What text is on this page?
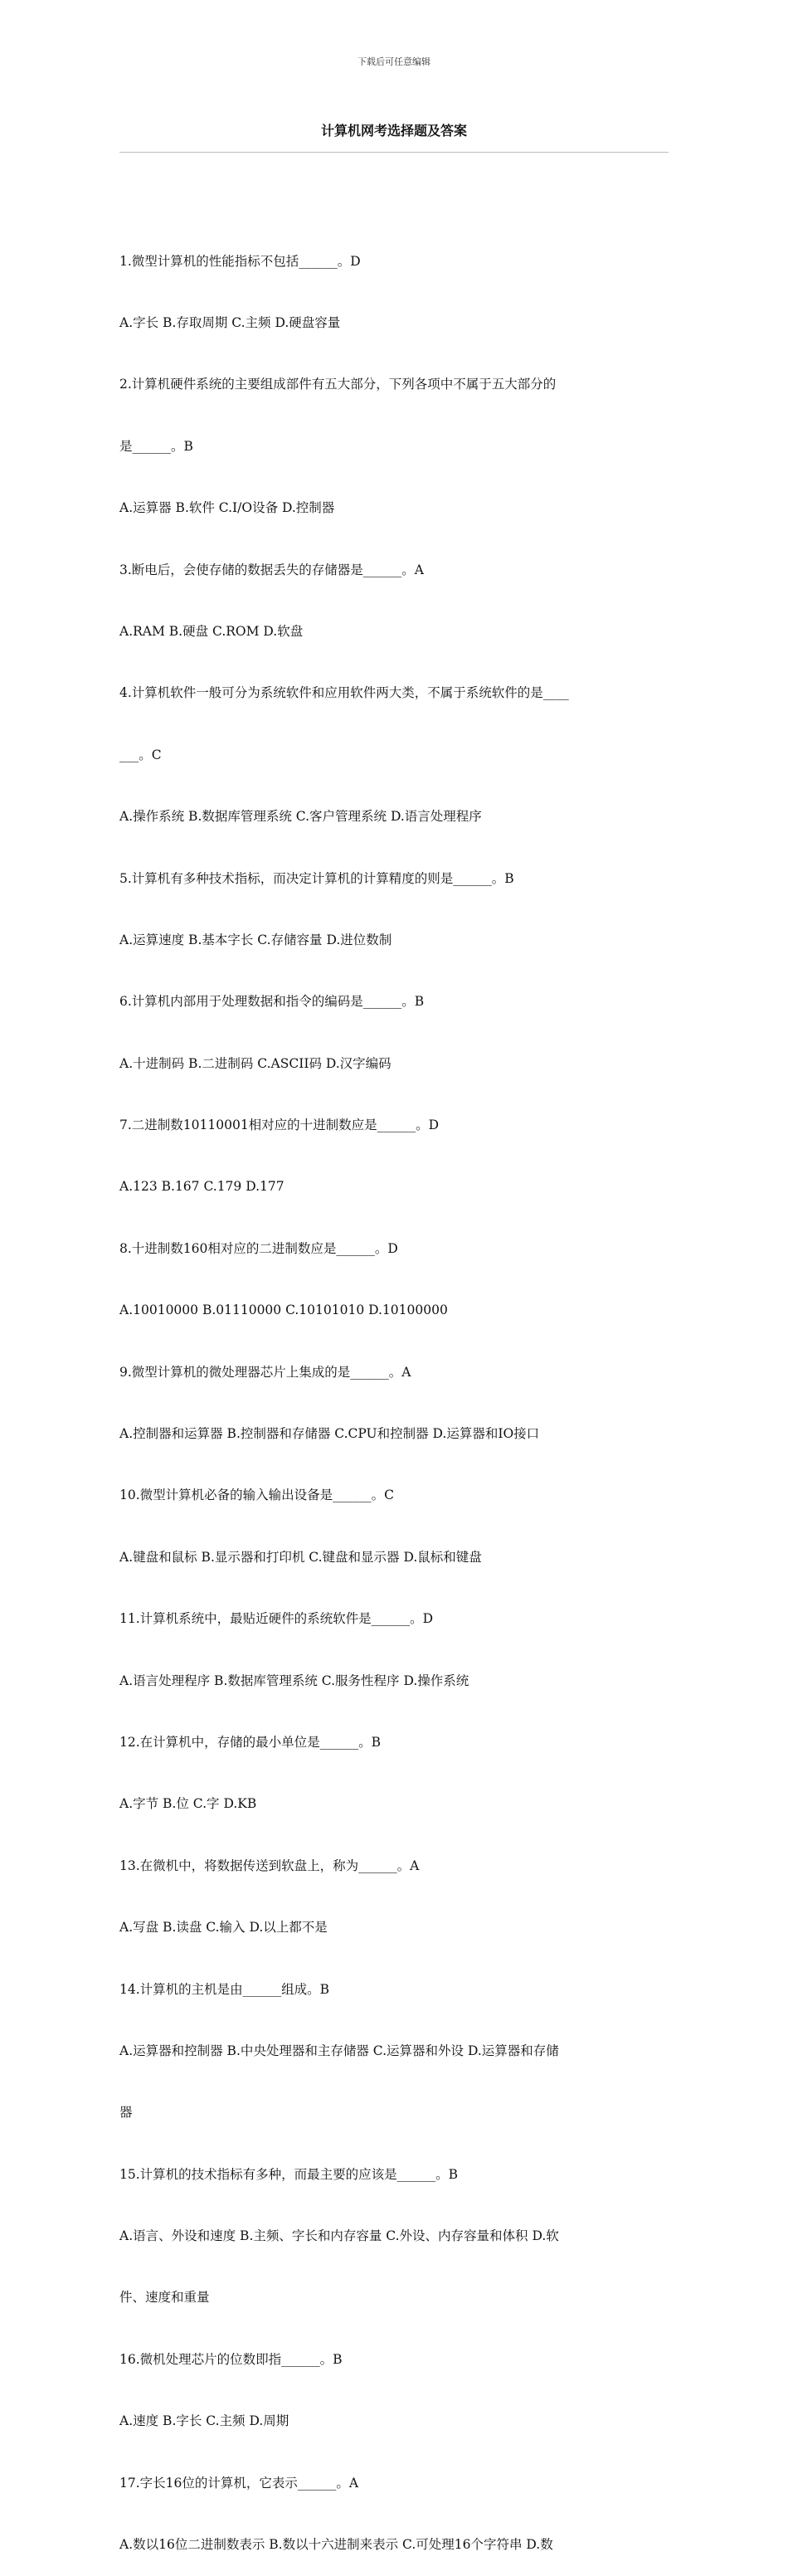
下载后可任意编辑
计算机网考选择题及答案

1.微型计算机的性能指标不包括______。D

A.字长 B.存取周期 C.主频 D.硬盘容量

2.计算机硬件系统的主要组成部件有五大部分，下列各项中不属于五大部分的

是______。B

A.运算器 B.软件 C.I/O设备 D.控制器

3.断电后，会使存储的数据丢失的存储器是______。A

A.RAM B.硬盘 C.ROM D.软盘

4.计算机软件一般可分为系统软件和应用软件两大类，不属于系统软件的是____

___。C

A.操作系统 B.数据库管理系统 C.客户管理系统 D.语言处理程序

5.计算机有多种技术指标，而决定计算机的计算精度的则是______。B

A.运算速度 B.基本字长 C.存储容量 D.进位数制

6.计算机内部用于处理数据和指令的编码是______。B

A.十进制码 B.二进制码 C.ASCII码 D.汉字编码

7.二进制数10110001相对应的十进制数应是______。D

A.123 B.167 C.179 D.177

8.十进制数160相对应的二进制数应是______。D

A.10010000 B.01110000 C.10101010 D.10100000

9.微型计算机的微处理器芯片上集成的是______。A

A.控制器和运算器 B.控制器和存储器 C.CPU和控制器 D.运算器和IO接口

10.微型计算机必备的输入输出设备是______。C

A.键盘和鼠标 B.显示器和打印机 C.键盘和显示器 D.鼠标和键盘

11.计算机系统中，最贴近硬件的系统软件是______。D

A.语言处理程序 B.数据库管理系统 C.服务性程序 D.操作系统

12.在计算机中，存储的最小单位是______。B

A.字节 B.位 C.字 D.KB

13.在微机中，将数据传送到软盘上，称为______。A

A.写盘 B.读盘 C.输入 D.以上都不是

14.计算机的主机是由______组成。B

A.运算器和控制器 B.中央处理器和主存储器 C.运算器和外设 D.运算器和存储

器

15.计算机的技术指标有多种，而最主要的应该是______。B

A.语言、外设和速度 B.主频、字长和内存容量 C.外设、内存容量和体积 D.软

件、速度和重量

16.微机处理芯片的位数即指______。B

A.速度 B.字长 C.主频 D.周期

17.字长16位的计算机，它表示______。A

A.数以16位二进制数表示 B.数以十六进制来表示 C.可处理16个字符串 D.数
